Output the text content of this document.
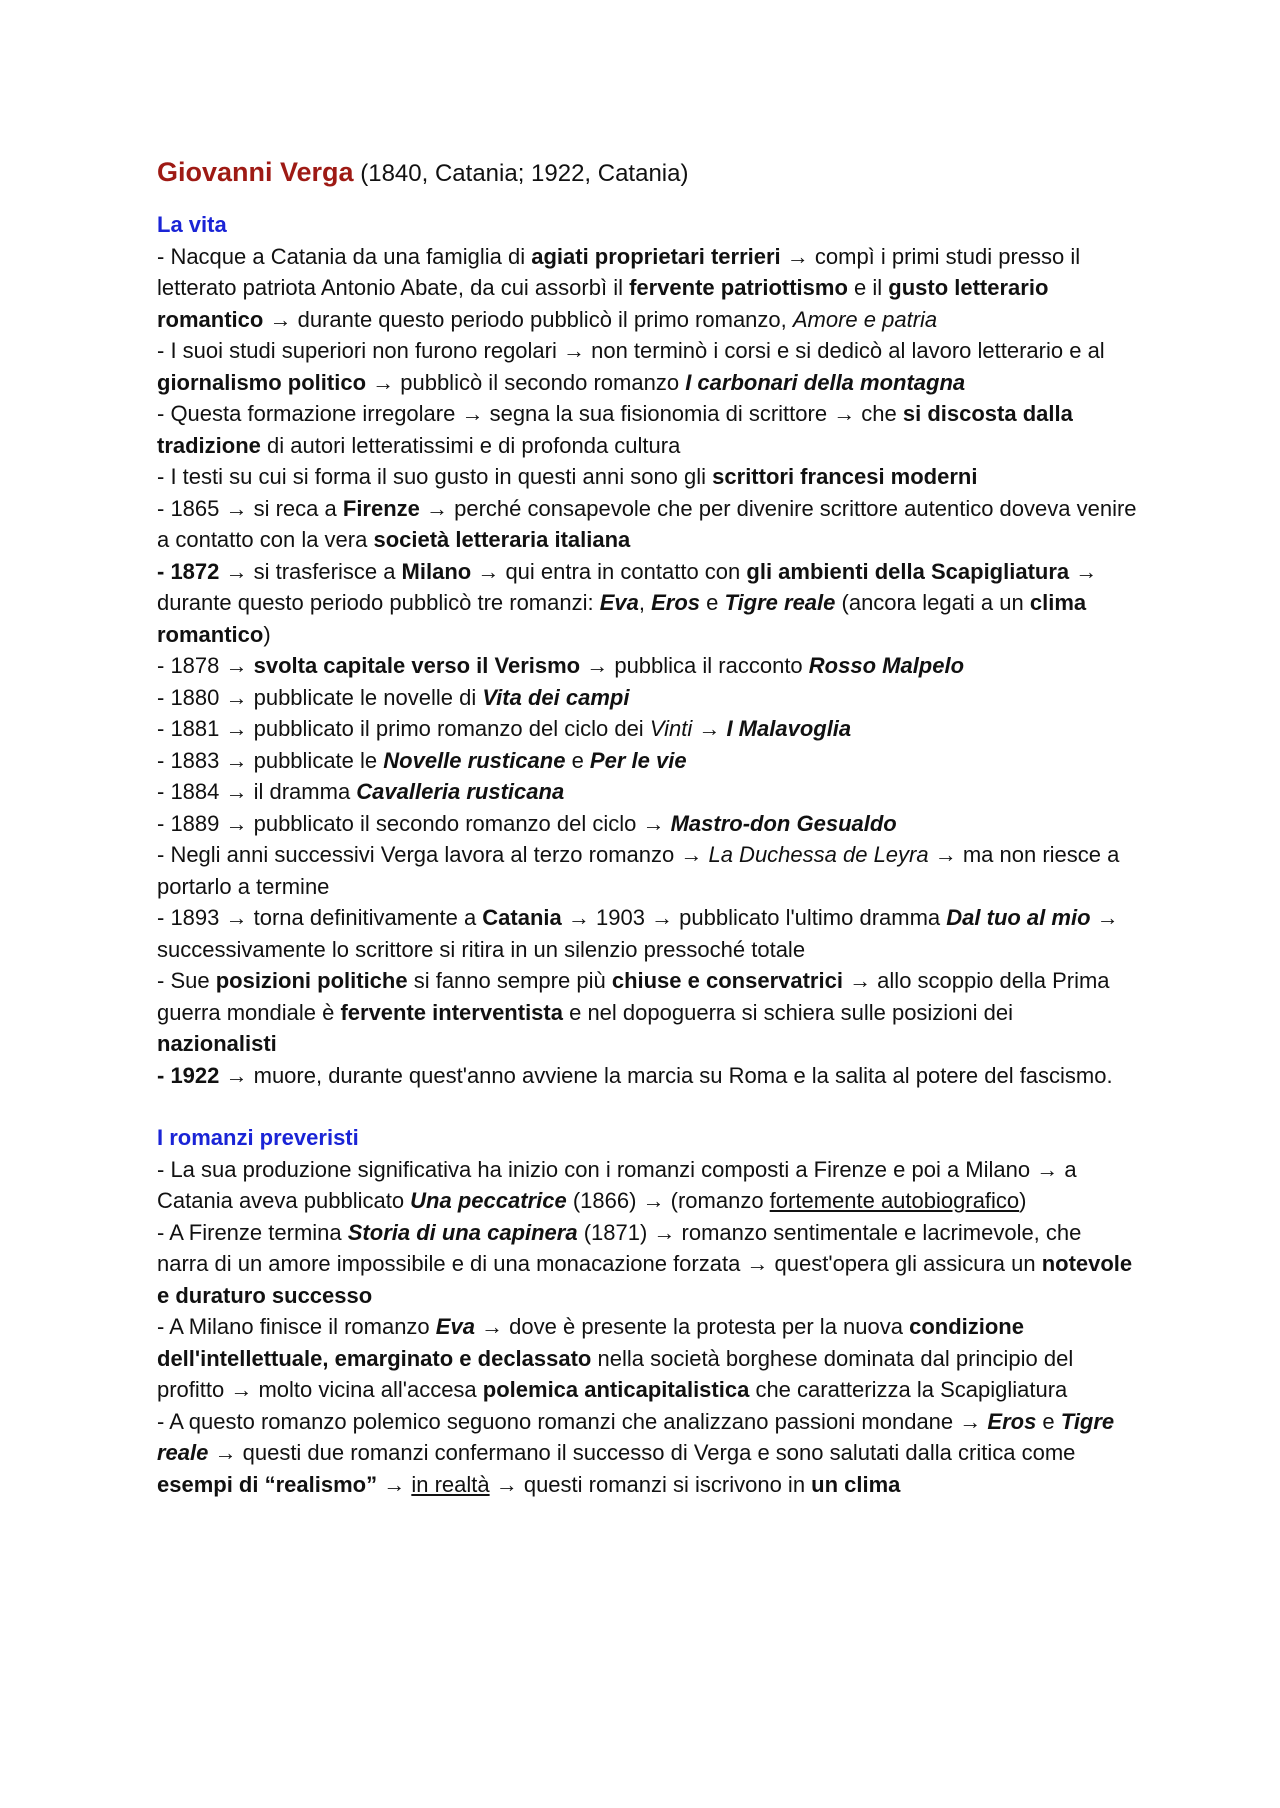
Giovanni Verga (1840, Catania; 1922, Catania)
La vita

- Nacque a Catania da una famiglia di agiati proprietari terrieri → compì i primi studi presso il letterato patriota Antonio Abate, da cui assorbì il fervente patriottismo e il gusto letterario romantico → durante questo periodo pubblicò il primo romanzo, Amore e patria

- I suoi studi superiori non furono regolari → non terminò i corsi e si dedicò al lavoro letterario e al giornalismo politico → pubblicò il secondo romanzo I carbonari della montagna

- Questa formazione irregolare → segna la sua fisionomia di scrittore → che si discosta dalla tradizione di autori letteratissimi e di profonda cultura

- I testi su cui si forma il suo gusto in questi anni sono gli scrittori francesi moderni

- 1865 → si reca a Firenze → perché consapevole che per divenire scrittore autentico doveva venire a contatto con la vera società letteraria italiana

- 1872 → si trasferisce a Milano → qui entra in contatto con gli ambienti della Scapigliatura → durante questo periodo pubblicò tre romanzi: Eva, Eros e Tigre reale (ancora legati a un clima romantico)

- 1878 → svolta capitale verso il Verismo → pubblica il racconto Rosso Malpelo

- 1880 → pubblicate le novelle di Vita dei campi

- 1881 → pubblicato il primo romanzo del ciclo dei Vinti → I Malavoglia

- 1883 → pubblicate le Novelle rusticane e Per le vie

- 1884 → il dramma Cavalleria rusticana

- 1889 → pubblicato il secondo romanzo del ciclo → Mastro-don Gesualdo

- Negli anni successivi Verga lavora al terzo romanzo → La Duchessa de Leyra → ma non riesce a portarlo a termine

- 1893 → torna definitivamente a Catania → 1903 → pubblicato l'ultimo dramma Dal tuo al mio → successivamente lo scrittore si ritira in un silenzio pressoché totale

- Sue posizioni politiche si fanno sempre più chiuse e conservatrici → allo scoppio della Prima guerra mondiale è fervente interventista e nel dopoguerra si schiera sulle posizioni dei nazionalisti

- 1922 → muore, durante quest'anno avviene la marcia su Roma e la salita al potere del fascismo.

I romanzi preveristi

- La sua produzione significativa ha inizio con i romanzi composti a Firenze e poi a Milano → a Catania aveva pubblicato Una peccatrice (1866) → (romanzo fortemente autobiografico)

- A Firenze termina Storia di una capinera (1871) → romanzo sentimentale e lacrimevole, che narra di un amore impossibile e di una monacazione forzata → quest'opera gli assicura un notevole e duraturo successo

- A Milano finisce il romanzo Eva → dove è presente la protesta per la nuova condizione dell'intellettuale, emarginato e declassato nella società borghese dominata dal principio del profitto → molto vicina all'accesa polemica anticapitalistica che caratterizza la Scapigliatura

- A questo romanzo polemico seguono romanzi che analizzano passioni mondane → Eros e Tigre reale → questi due romanzi confermano il successo di Verga e sono salutati dalla critica come esempi di “realismo” → in realtà → questi romanzi si iscrivono in un clima
